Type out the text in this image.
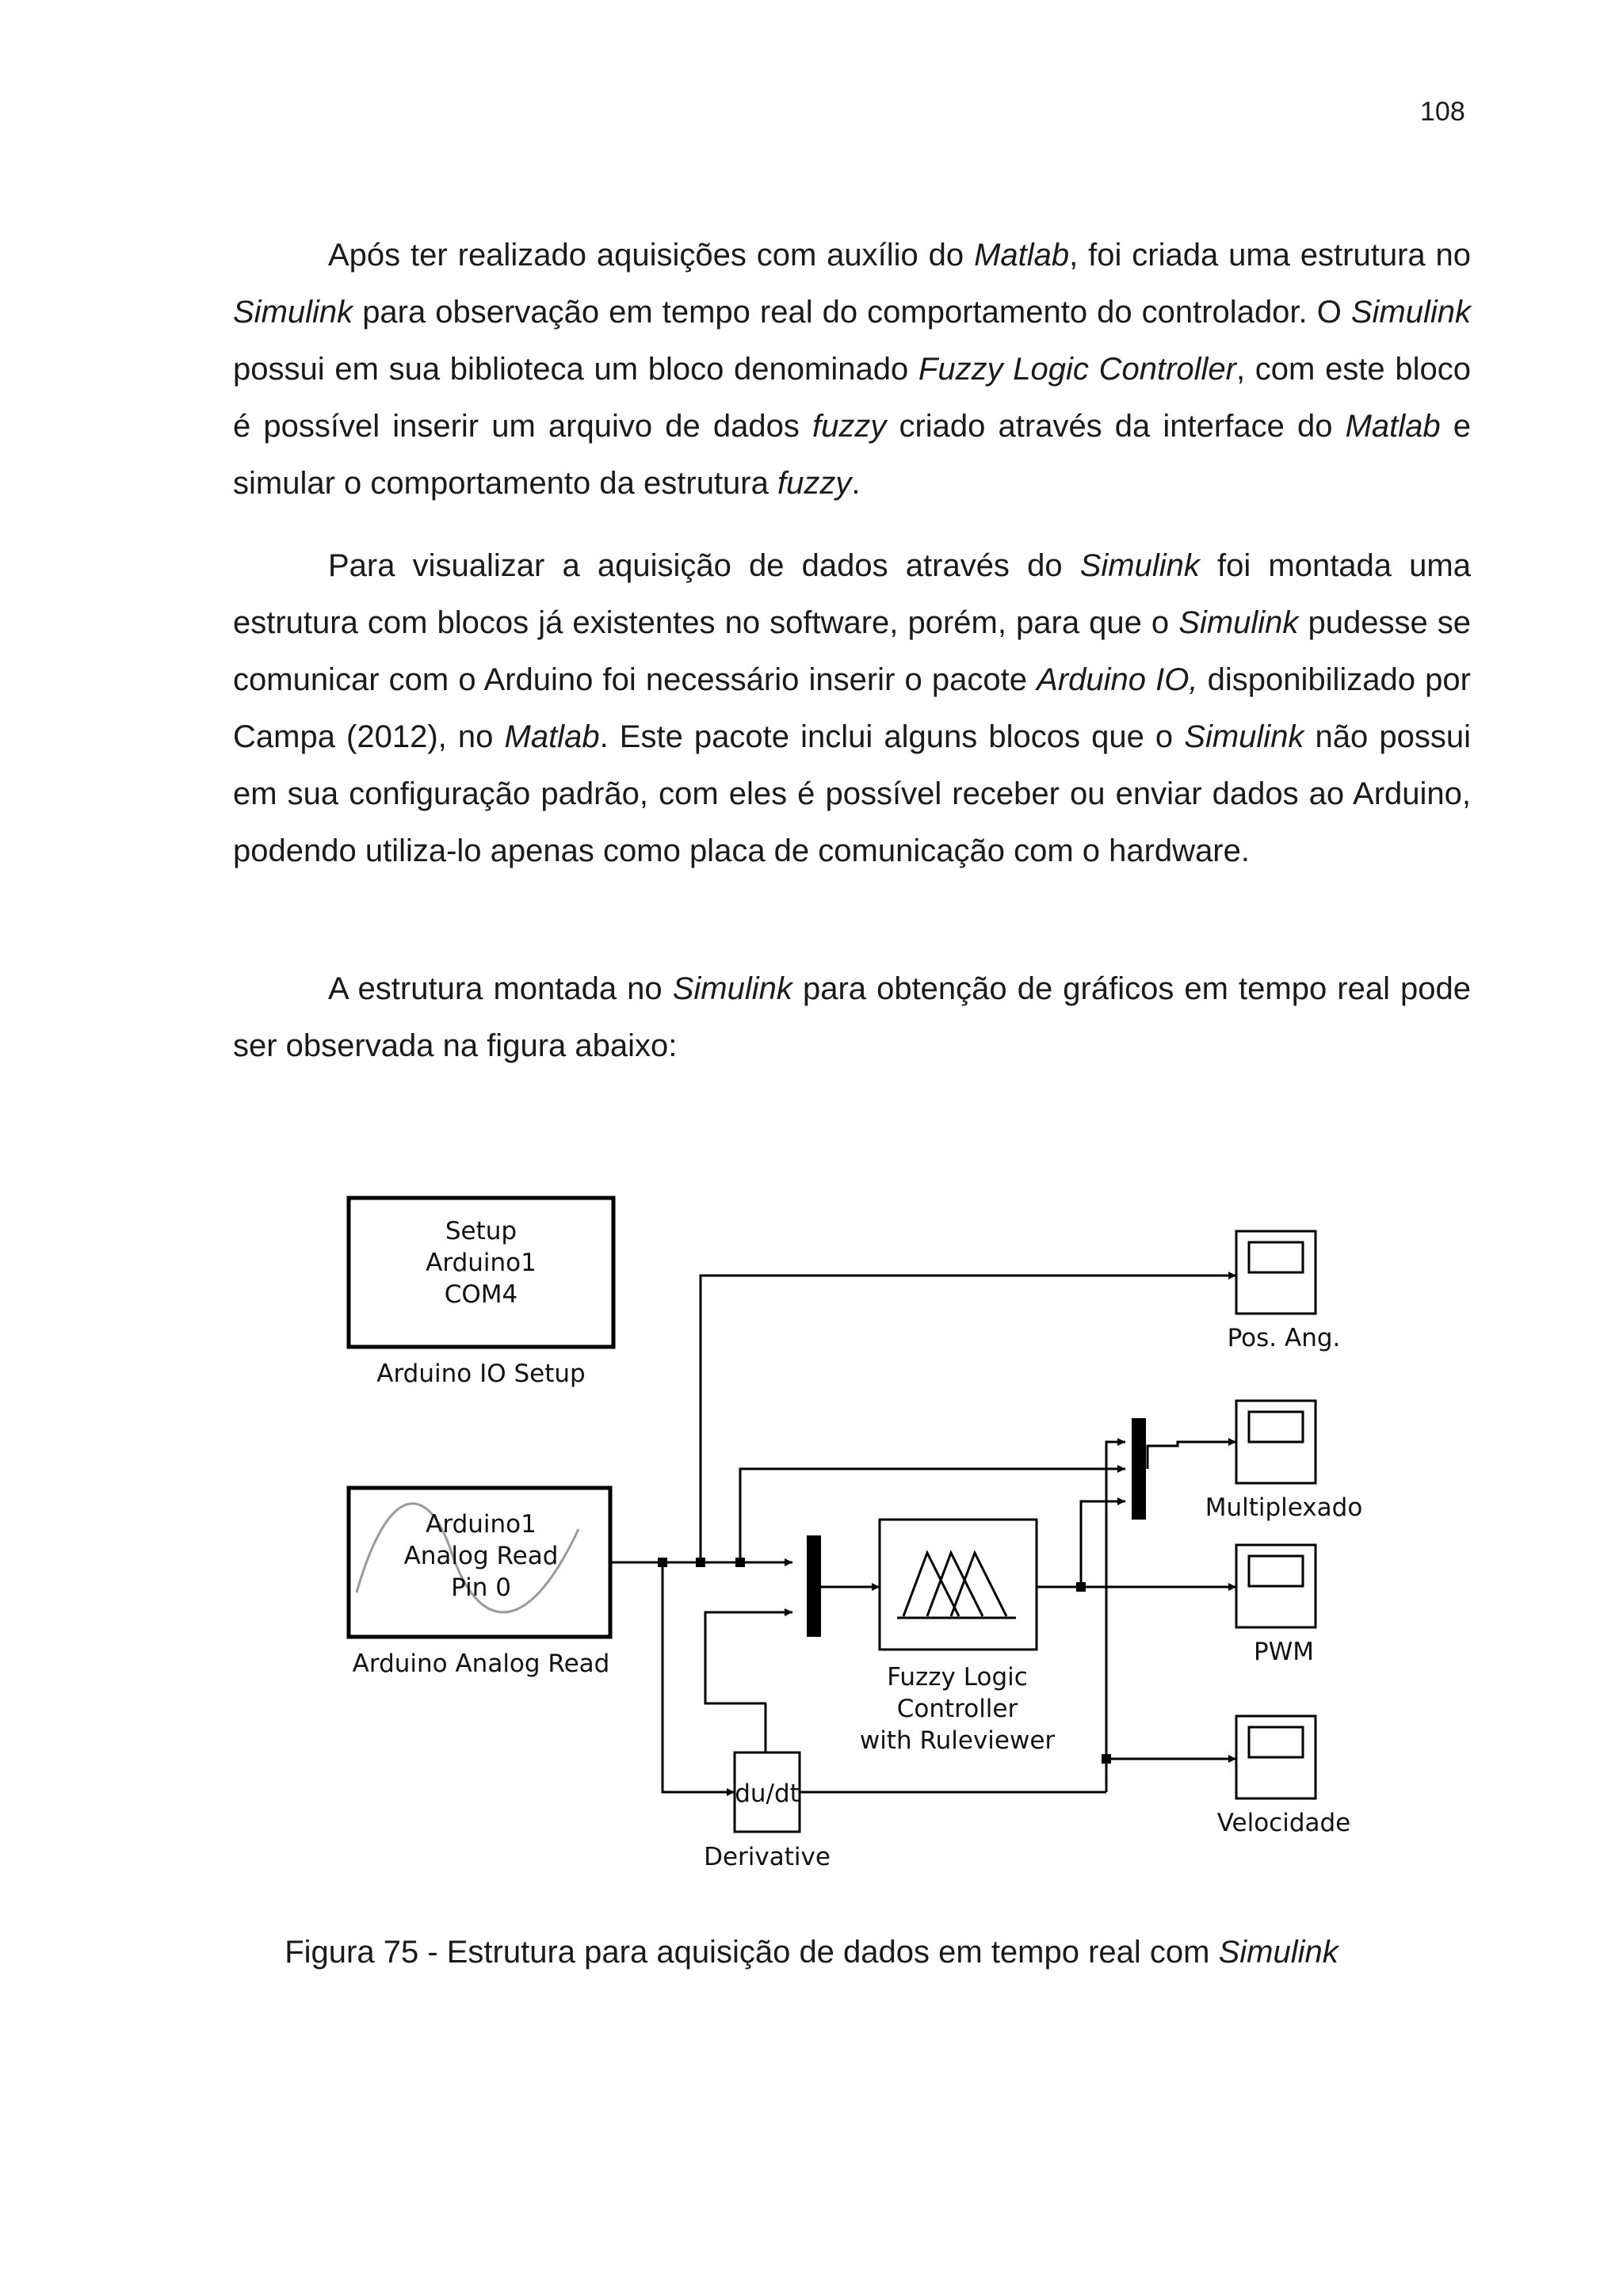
108

Após ter realizado aquisições com auxílio do Matlab, foi criada uma estrutura no Simulink para observação em tempo real do comportamento do controlador. O Simulink possui em sua biblioteca um bloco denominado Fuzzy Logic Controller, com este bloco é possível inserir um arquivo de dados fuzzy criado através da interface do Matlab e simular o comportamento da estrutura fuzzy.

Para visualizar a aquisição de dados através do Simulink foi montada uma estrutura com blocos já existentes no software, porém, para que o Simulink pudesse se comunicar com o Arduino foi necessário inserir o pacote Arduino IO, disponibilizado por Campa (2012), no Matlab. Este pacote inclui alguns blocos que o Simulink não possui em sua configuração padrão, com eles é possível receber ou enviar dados ao Arduino, podendo utiliza-lo apenas como placa de comunicação com o hardware.

A estrutura montada no Simulink para obtenção de gráficos em tempo real pode ser observada na figura abaixo:

Setup
Arduino1
COM4
Arduino IO Setup
Arduino1
Analog Read
Pin 0
Arduino Analog Read	Fuzzy Logic
Controller
with Ruleviewer
du/dt
Derivative
Pos. Ang.
Multiplexado
PWM
Velocidade
Figura 75 - Estrutura para aquisição de dados em tempo real com Simulink
